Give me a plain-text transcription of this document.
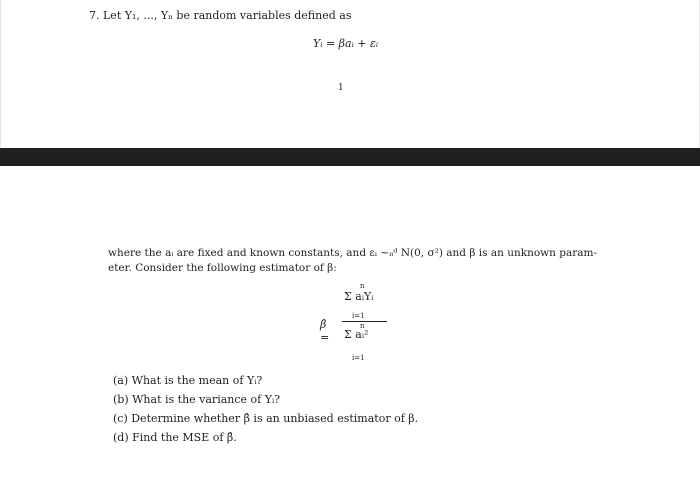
7. Let Y₁, ..., Yₙ be random variables defined as
Yᵢ = βaᵢ + εᵢ
1
where the aᵢ are fixed and known constants, and εᵢ ~ᵢᵢᵈ N(0, σ²) and β is an unknown param- eter. Consider the following estimator of β:
β̂ =
n
Σ aᵢYᵢ
i=1
n
Σ aᵢ²
i=1
(a) What is the mean of Yᵢ?
(b) What is the variance of Yᵢ?
(c) Determine whether β̂ is an unbiased estimator of β.
(d) Find the MSE of β̂.
